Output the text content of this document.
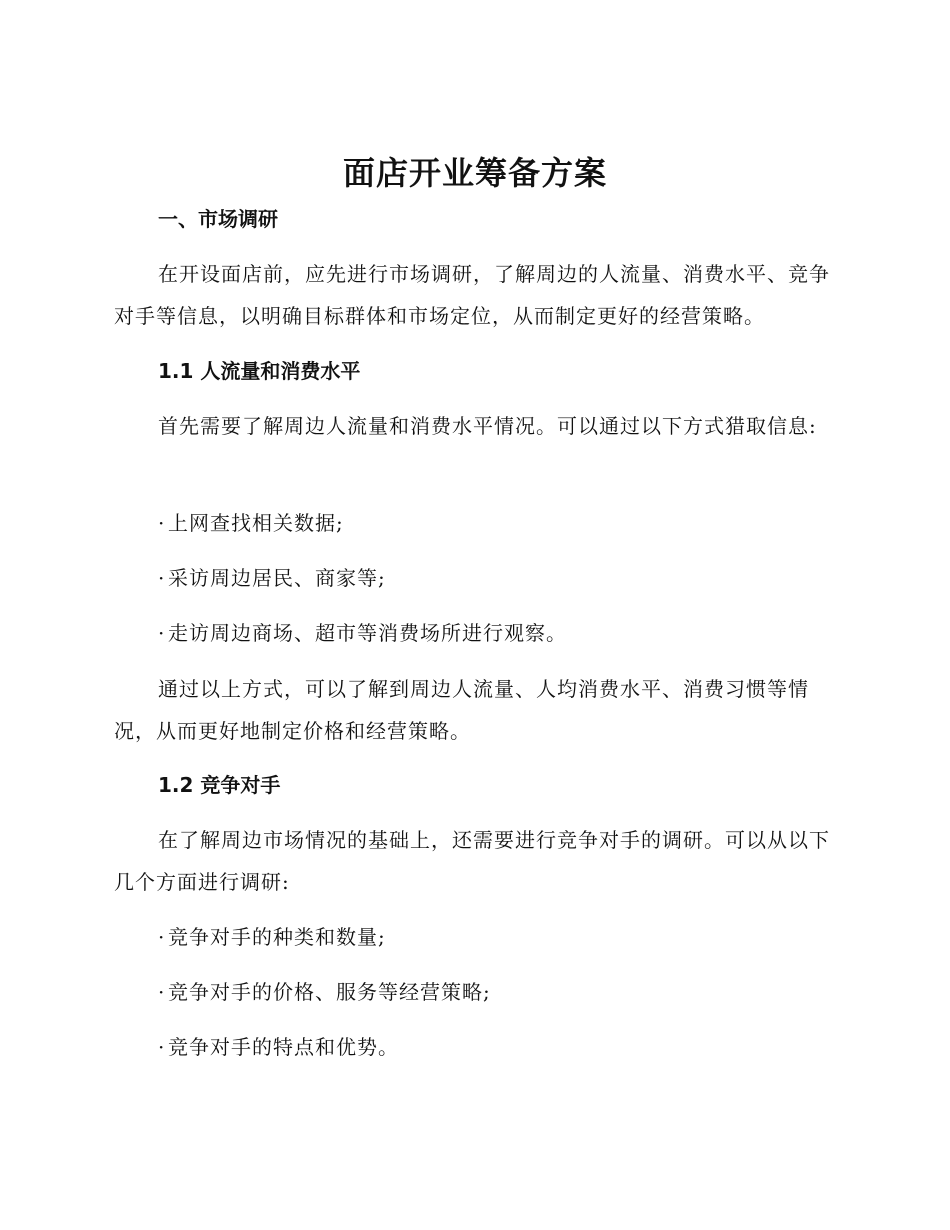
面店开业筹备方案
一、市场调研

在开设面店前，应先进行市场调研，了解周边的人流量、消费水平、竞争对手等信息，以明确目标群体和市场定位，从而制定更好的经营策略。

1.1 人流量和消费水平

首先需要了解周边人流量和消费水平情况。可以通过以下方式猎取信息:

· 上网查找相关数据;
· 采访周边居民、商家等;
· 走访周边商场、超市等消费场所进行观察。

通过以上方式，可以了解到周边人流量、人均消费水平、消费习惯等情况，从而更好地制定价格和经营策略。

1.2 竞争对手

在了解周边市场情况的基础上，还需要进行竞争对手的调研。可以从以下几个方面进行调研:

· 竞争对手的种类和数量;
· 竞争对手的价格、服务等经营策略;
· 竞争对手的特点和优势。
